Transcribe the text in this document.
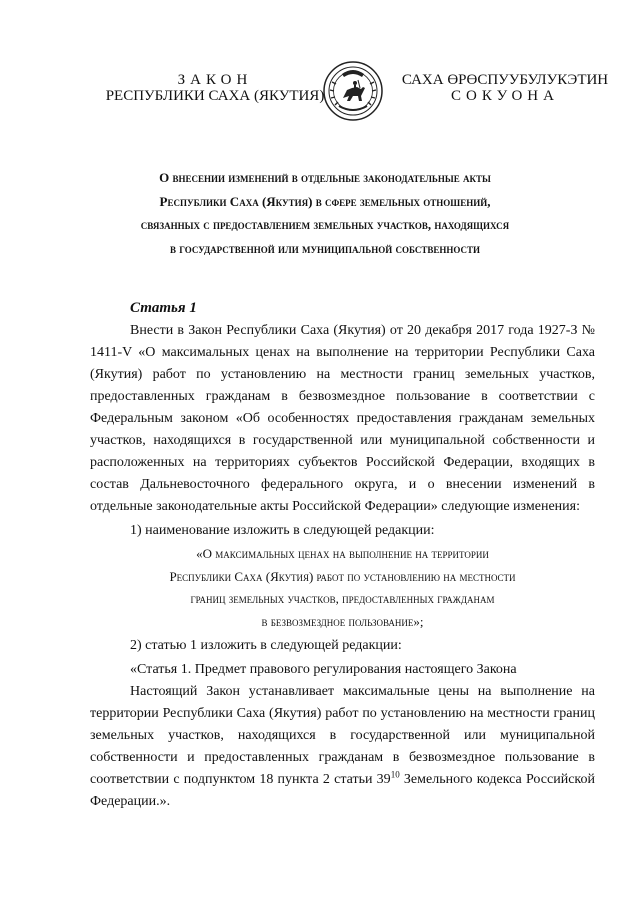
ЗАКОН
РЕСПУБЛИКИ САХА (ЯКУТИЯ)
САХА ӨРӨСПУУБУЛУКЭТИН
СОКУОНА
О внесении изменений в отдельные законодательные акты
Республики Саха (Якутия) в сфере земельных отношений,
связанных с предоставлением земельных участков, находящихся
в государственной или муниципальной собственности
Статья 1

Внести в Закон Республики Саха (Якутия) от 20 декабря 2017 года 1927-З № 1411-V «О максимальных ценах на выполнение на территории Республики Саха (Якутия) работ по установлению на местности границ земельных участков, предоставленных гражданам в безвозмездное пользование в соответствии с Федеральным законом «Об особенностях предоставления гражданам земельных участков, находящихся в государственной или муниципальной собственности и расположенных на территориях субъектов Российской Федерации, входящих в состав Дальневосточного федерального округа, и о внесении изменений в отдельные законодательные акты Российской Федерации» следующие изменения:

1) наименование изложить в следующей редакции:

«О максимальных ценах на выполнение на территории
Республики Саха (Якутия) работ по установлению на местности
границ земельных участков, предоставленных гражданам
в безвозмездное пользование»;

2) статью 1 изложить в следующей редакции:

«Статья 1. Предмет правового регулирования настоящего Закона

Настоящий Закон устанавливает максимальные цены на выполнение на территории Республики Саха (Якутия) работ по установлению на местности границ земельных участков, находящихся в государственной или муниципальной собственности и предоставленных гражданам в безвозмездное пользование в соответствии с подпунктом 18 пункта 2 статьи $39^{10}$ Земельного кодекса Российской Федерации.».
